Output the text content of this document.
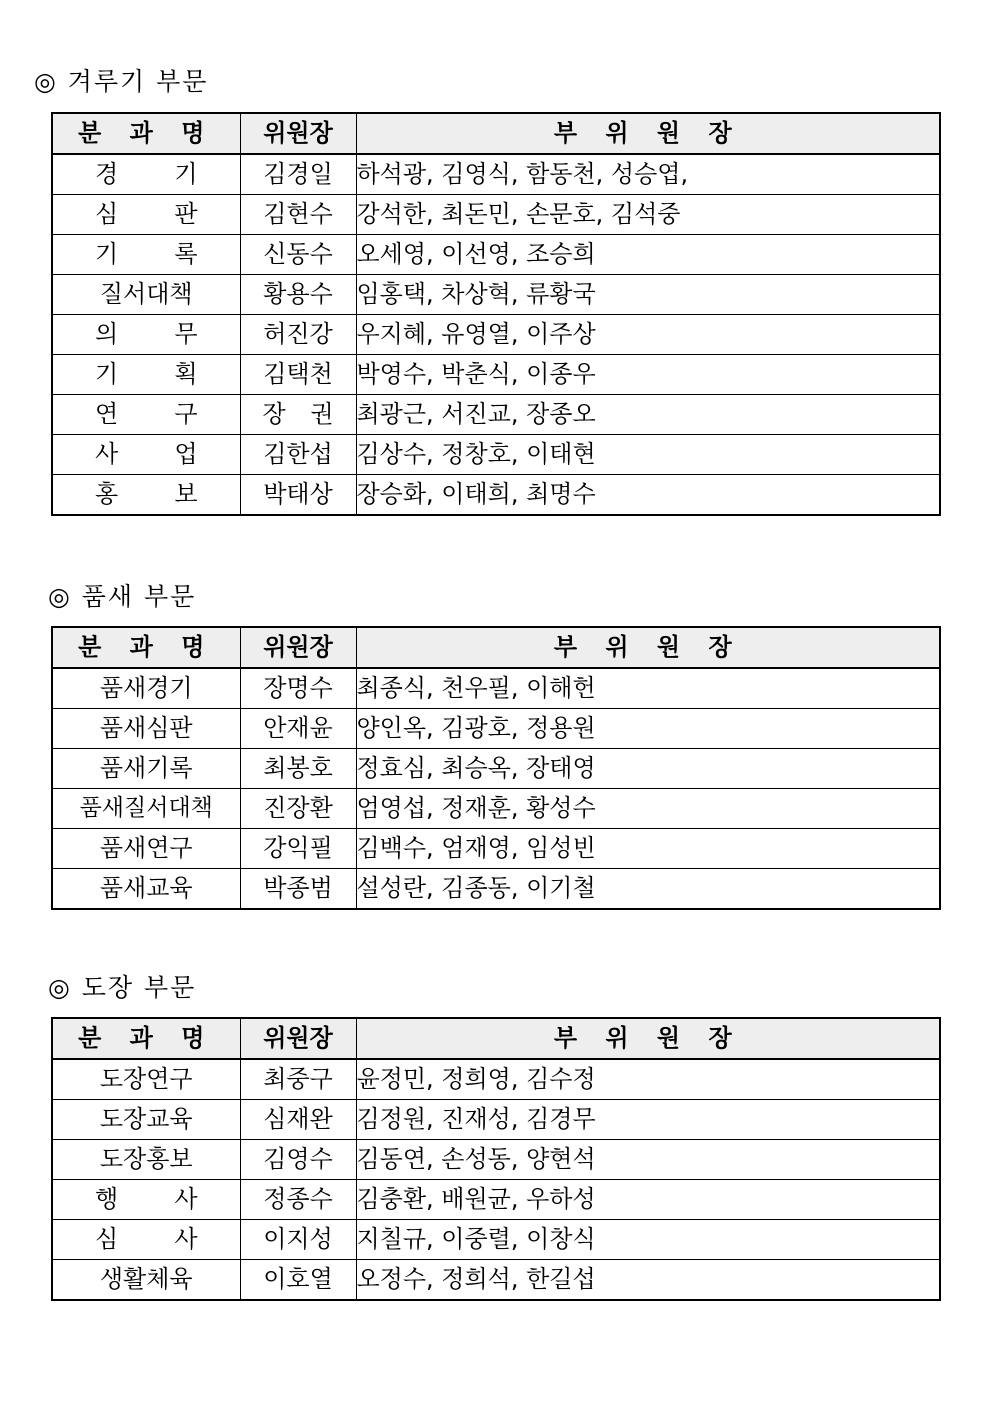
◎ 겨루기 부문
분 과 명	위원장	부 위 원 장
경 기	김경일	하석광, 김영식, 함동천, 성승엽,
심 판	김현수	강석한, 최돈민, 손문호, 김석중
기 록	신동수	오세영, 이선영, 조승희
질서대책	황용수	임홍택, 차상혁, 류황국
의 무	허진강	우지혜, 유영열, 이주상
기 획	김택천	박영수, 박춘식, 이종우
연 구	장 권	최광근, 서진교, 장종오
사 업	김한섭	김상수, 정창호, 이태현
홍 보	박태상	장승화, 이태희, 최명수
◎ 품새 부문
분 과 명	위원장	부 위 원 장
품새경기	장명수	최종식, 천우필, 이해헌
품새심판	안재윤	양인옥, 김광호, 정용원
품새기록	최봉호	정효심, 최승옥, 장태영
품새질서대책	진장환	엄영섭, 정재훈, 황성수
품새연구	강익필	김백수, 엄재영, 임성빈
품새교육	박종범	설성란, 김종동, 이기철
◎ 도장 부문
분 과 명	위원장	부 위 원 장
도장연구	최중구	윤정민, 정희영, 김수정
도장교육	심재완	김정원, 진재성, 김경무
도장홍보	김영수	김동연, 손성동, 양현석
행 사	정종수	김충환, 배원균, 우하성
심 사	이지성	지칠규, 이중렬, 이창식
생활체육	이호열	오정수, 정희석, 한길섭
